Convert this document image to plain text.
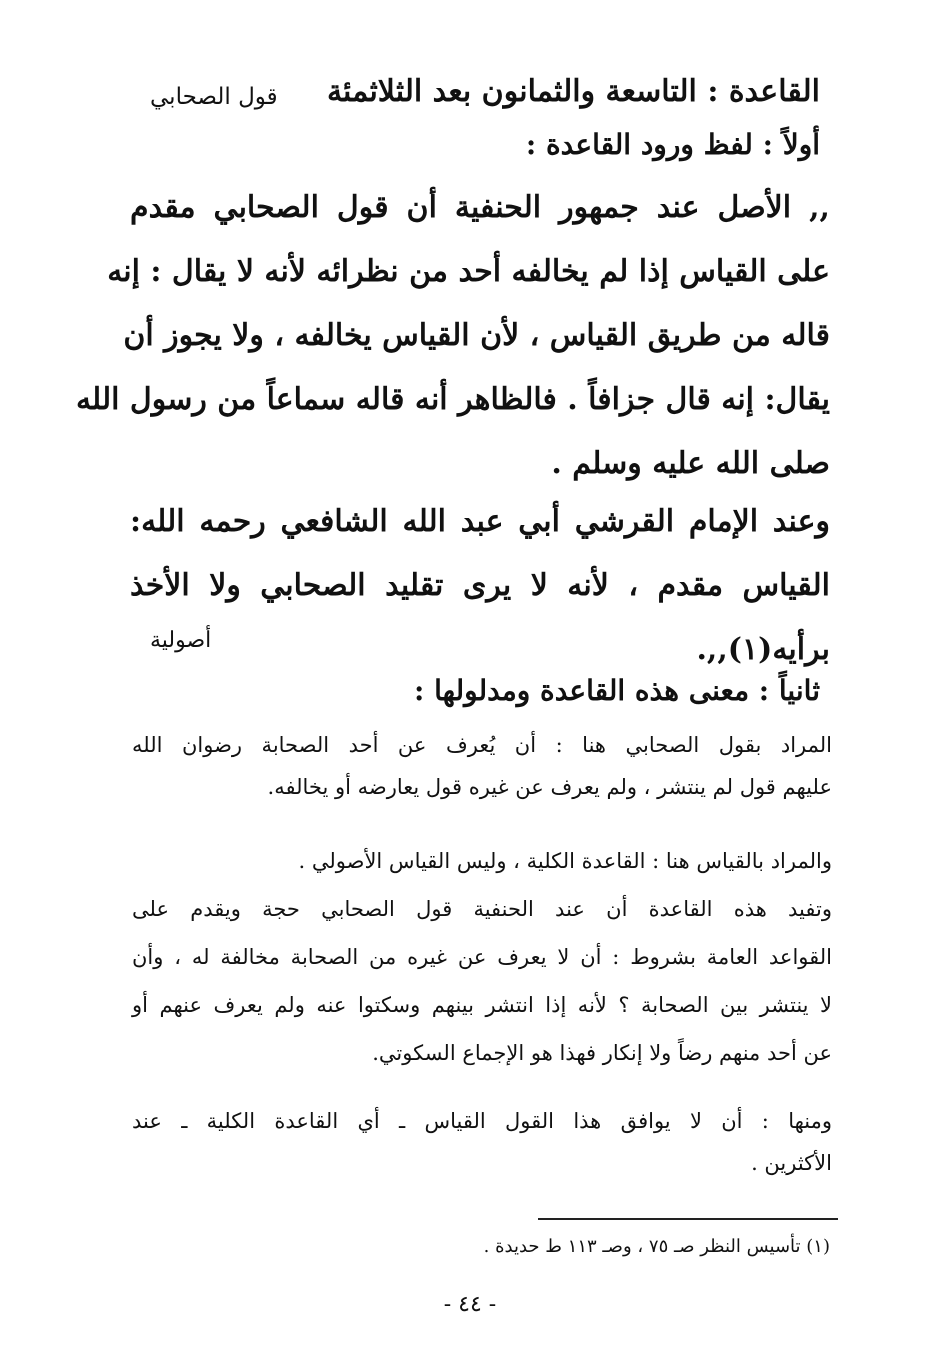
القاعدة : التاسعة والثمانون بعد الثلاثمئة
قول الصحابي
أولاً : لفظ ورود القاعدة :
,, الأصل عند جمهور الحنفية أن قول الصحابي مقدم
على القياس إذا لم يخالفه أحد من نظرائه لأنه لا يقال : إنه
قاله من طريق القياس ، لأن القياس يخالفه ، ولا يجوز أن
يقال: إنه قال جزافاً . فالظاهر أنه قاله سماعاً من رسول الله
صلى الله عليه وسلم .
وعند الإمام القرشي أبي عبد الله الشافعي رحمه الله:
القياس مقدم ، لأنه لا يرى تقليد الصحابي ولا الأخذ
برأيه(١),,.
أصولية
ثانياً : معنى هذه القاعدة ومدلولها :
المراد بقول الصحابي هنا : أن يُعرف عن أحد الصحابة رضوان الله
عليهم قول لم ينتشر ، ولم يعرف عن غيره قول يعارضه أو يخالفه.
والمراد بالقياس هنا : القاعدة الكلية ، وليس القياس الأصولي .
وتفيد هذه القاعدة أن عند الحنفية قول الصحابي حجة ويقدم على
القواعد العامة بشروط : أن لا يعرف عن غيره من الصحابة مخالفة له ، وأن
لا ينتشر بين الصحابة ؟ لأنه إذا انتشر بينهم وسكتوا عنه ولم يعرف عنهم أو
عن أحد منهم رضاً ولا إنكار فهذا هو الإجماع السكوتي.
ومنها : أن لا يوافق هذا القول القياس ـ أي القاعدة الكلية ـ عند
الأكثرين .
(١) تأسيس النظر صـ ٧٥ ، وصـ ١١٣ ط حديدة .
- ٤٤ -
